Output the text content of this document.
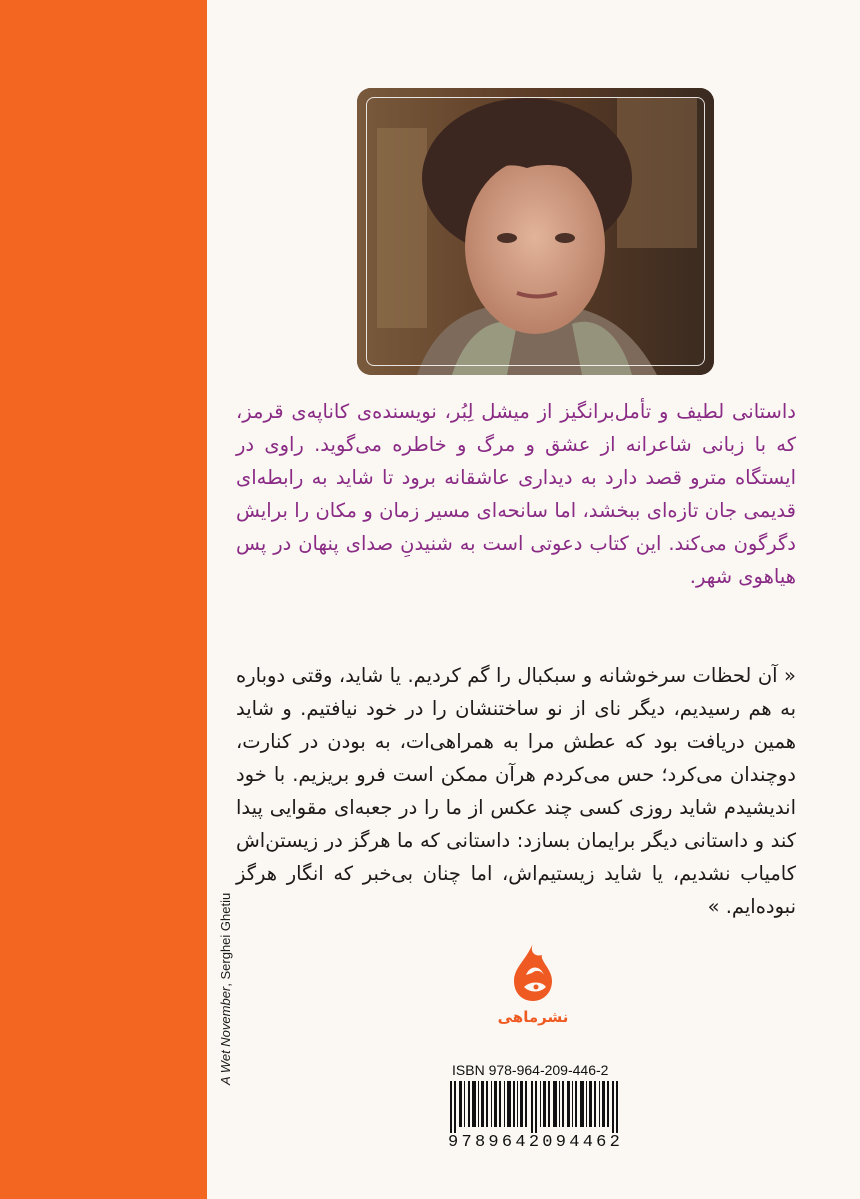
A Wet November, Serghei Ghetiu
داستانی لطیف و تأمل‌برانگیز از میشل لِبُر، نویسنده‌ی کاناپه‌ی قرمز، که با زبانی شاعرانه از عشق و مرگ و خاطره می‌گوید. راوی در ایستگاه مترو قصد دارد به دیداری عاشقانه برود تا شاید به رابطه‌ای قدیمی جان تازه‌ای ببخشد، اما سانحه‌ای مسیر زمان و مکان را برایش دگرگون می‌کند. این کتاب دعوتی است به شنیدنِ صدای پنهان در پس هیاهوی شهر.
« آن لحظات سرخوشانه و سبکبال را گم کردیم. یا شاید، وقتی دوباره به هم رسیدیم، دیگر نای از نو ساختنشان را در خود نیافتیم. و شاید همین دریافت بود که عطش مرا به همراهی‌ات، به بودن در کنارت، دوچندان می‌کرد؛ حس می‌کردم هرآن ممکن است فرو بریزیم. با خود اندیشیدم شاید روزی کسی چند عکس از ما را در جعبه‌ای مقوایی پیدا کند و داستانی دیگر برایمان بسازد: داستانی که ما هرگز در زیستن‌اش کامیاب نشدیم، یا شاید زیستیم‌اش، اما چنان بی‌خبر که انگار هرگز نبوده‌ایم. »
نشرماهی
ISBN 978-964-209-446-2
9 7 8 9 6 4 2 0 9 4 4 6 2
